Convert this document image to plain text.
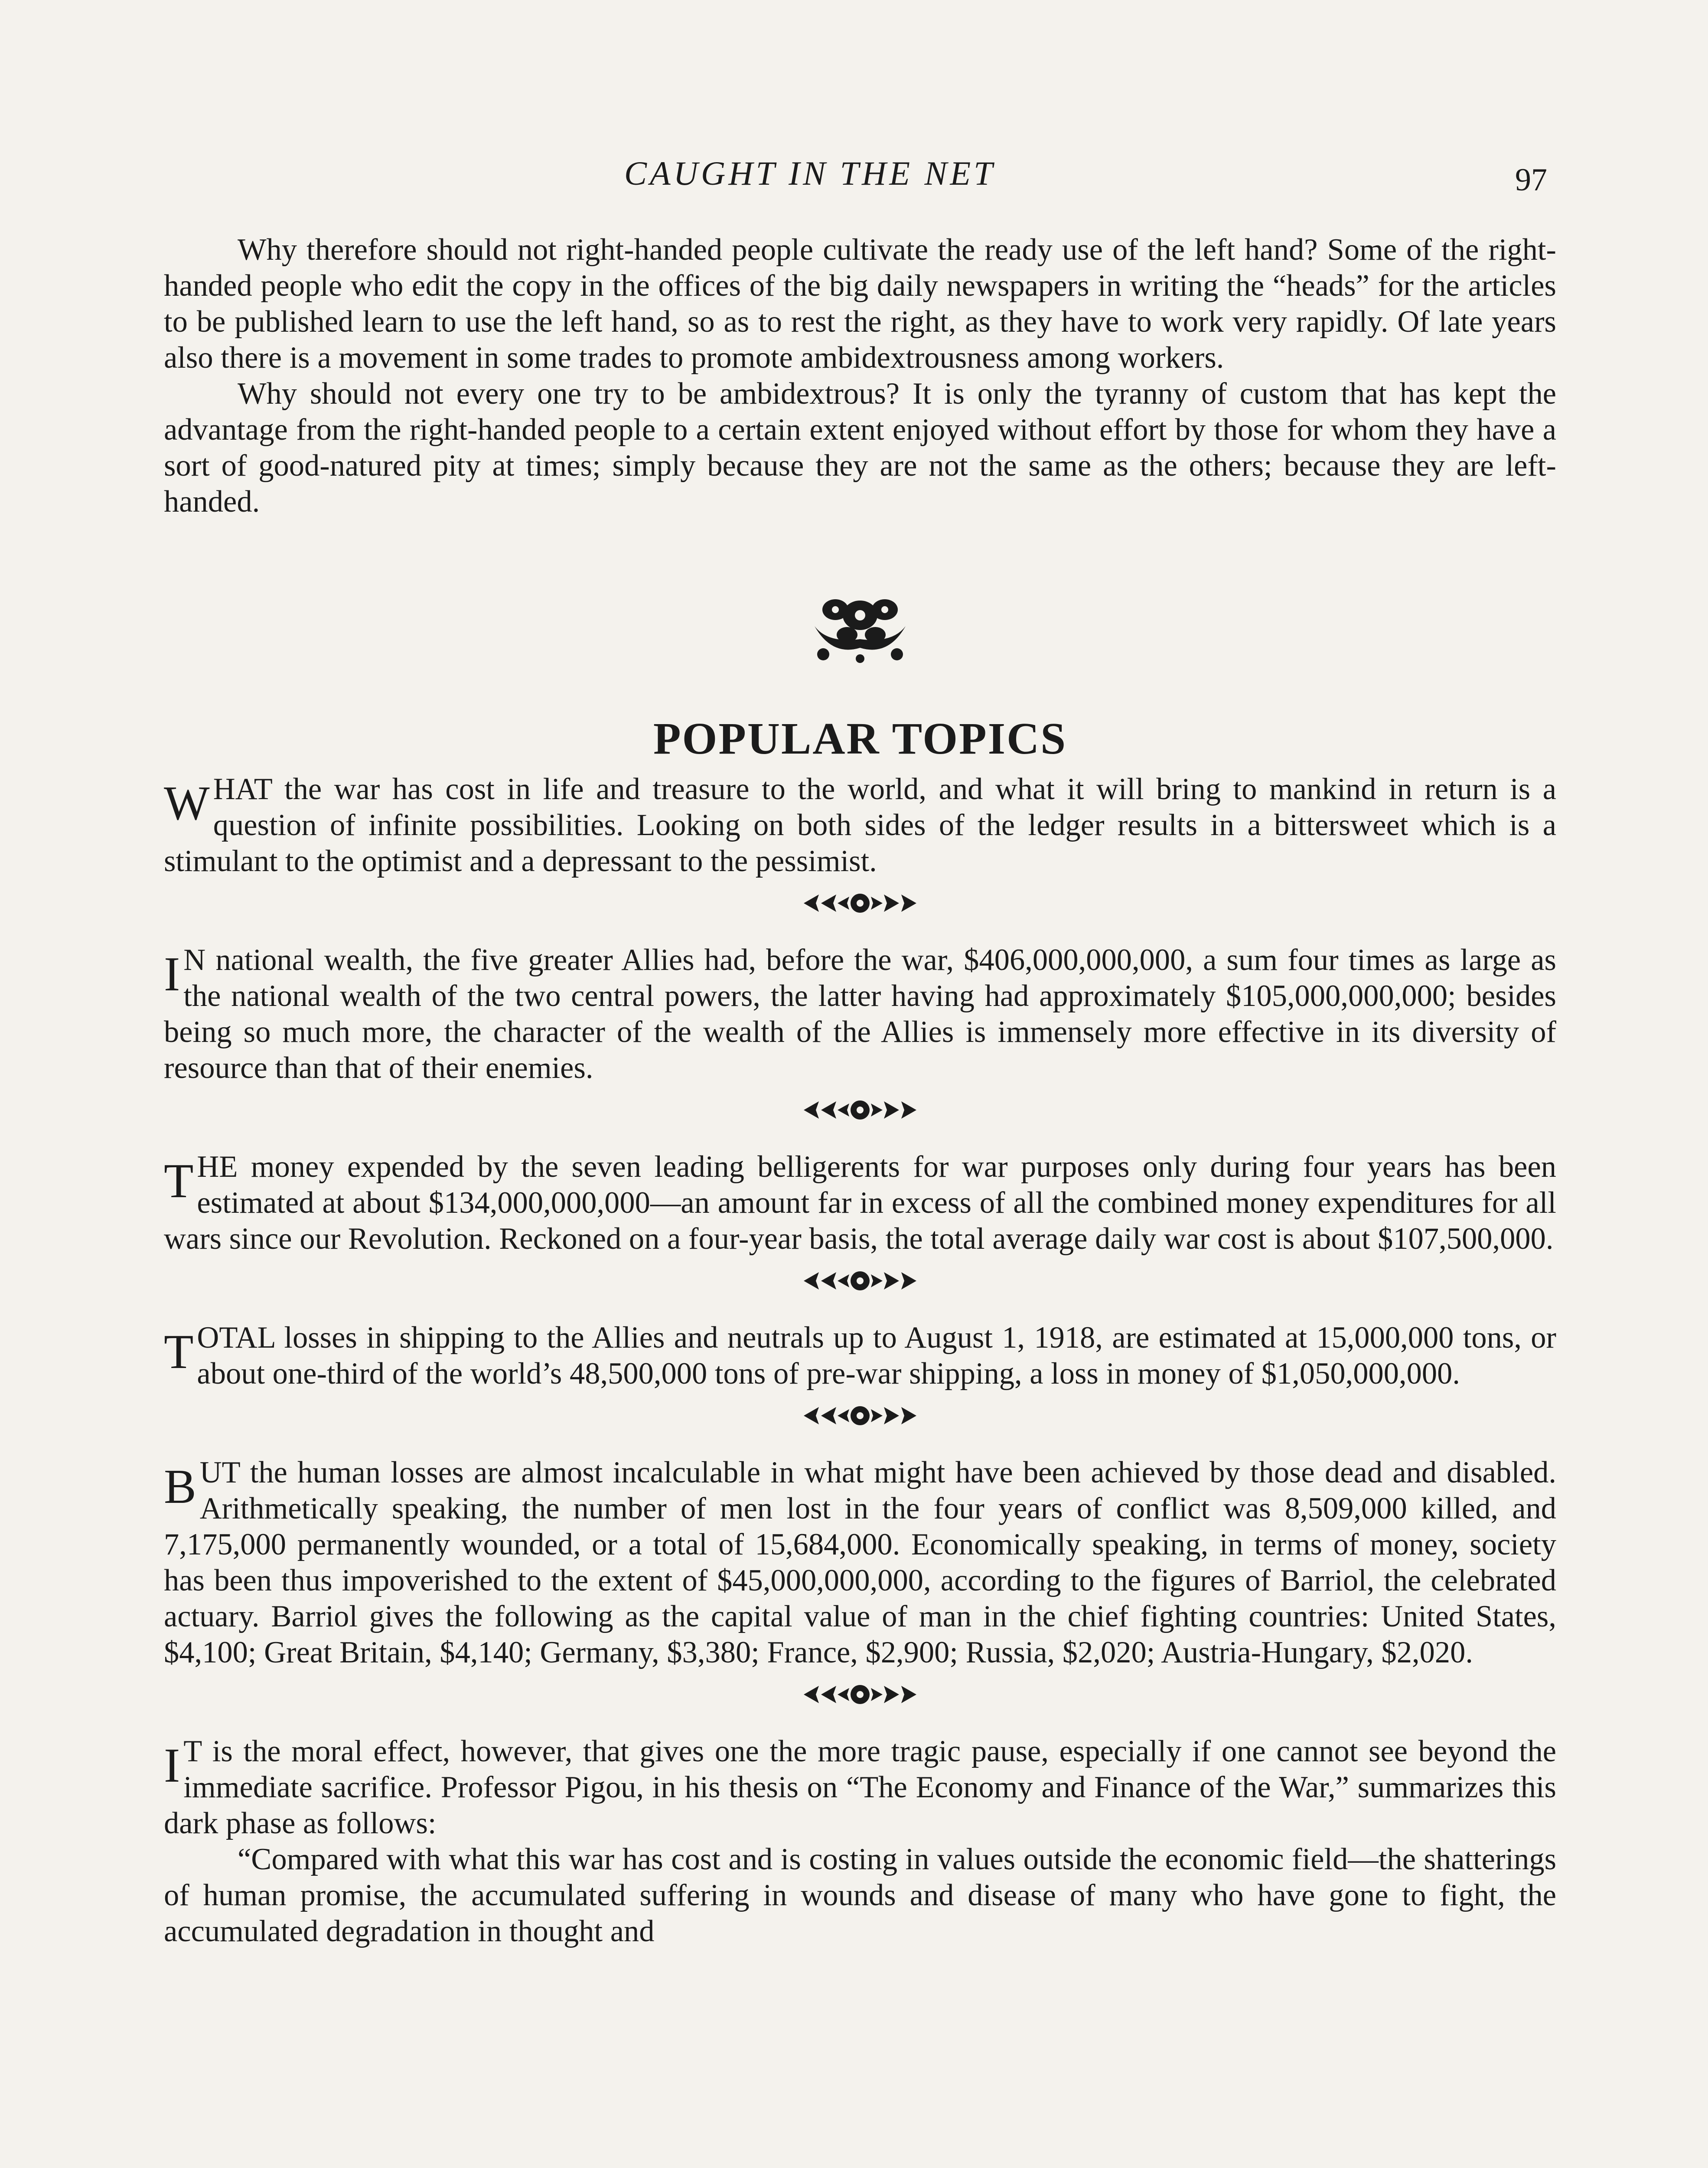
CAUGHT IN THE NET	97

Why therefore should not right-handed people cultivate the ready use of the left hand? Some of the right-handed people who edit the copy in the offices of the big daily newspapers in writing the “heads” for the articles to be published learn to use the left hand, so as to rest the right, as they have to work very rapidly. Of late years also there is a movement in some trades to promote ambidextrousness among workers.

Why should not every one try to be ambidextrous? It is only the tyranny of custom that has kept the advantage from the right-handed people to a certain extent enjoyed without effort by those for whom they have a sort of good-natured pity at times; simply because they are not the same as the others; because they are left-handed.

POPULAR TOPICS

WHAT the war has cost in life and treasure to the world, and what it will bring to mankind in return is a question of infinite possibilities. Looking on both sides of the ledger results in a bittersweet which is a stimulant to the optimist and a depressant to the pessimist.

IN national wealth, the five greater Allies had, before the war, $406,000,000,000, a sum four times as large as the national wealth of the two central powers, the latter having had approximately $105,000,000,000; besides being so much more, the character of the wealth of the Allies is immensely more effective in its diversity of resource than that of their enemies.

THE money expended by the seven leading belligerents for war purposes only during four years has been estimated at about $134,000,000,000—an amount far in excess of all the combined money expenditures for all wars since our Revolution. Reckoned on a four-year basis, the total average daily war cost is about $107,500,000.

TOTAL losses in shipping to the Allies and neutrals up to August 1, 1918, are estimated at 15,000,000 tons, or about one-third of the world’s 48,500,000 tons of pre-war shipping, a loss in money of $1,050,000,000.

BUT the human losses are almost incalculable in what might have been achieved by those dead and disabled. Arithmetically speaking, the number of men lost in the four years of conflict was 8,509,000 killed, and 7,175,000 permanently wounded, or a total of 15,684,000. Economically speaking, in terms of money, society has been thus impoverished to the extent of $45,000,000,000, according to the figures of Barriol, the celebrated actuary. Barriol gives the following as the capital value of man in the chief fighting countries: United States, $4,100; Great Britain, $4,140; Germany, $3,380; France, $2,900; Russia, $2,020; Austria-Hungary, $2,020.

IT is the moral effect, however, that gives one the more tragic pause, especially if one cannot see beyond the immediate sacrifice. Professor Pigou, in his thesis on “The Economy and Finance of the War,” summarizes this dark phase as follows:

“Compared with what this war has cost and is costing in values outside the economic field—the shatterings of human promise, the accumulated suffering in wounds and disease of many who have gone to fight, the accumulated degradation in thought and
